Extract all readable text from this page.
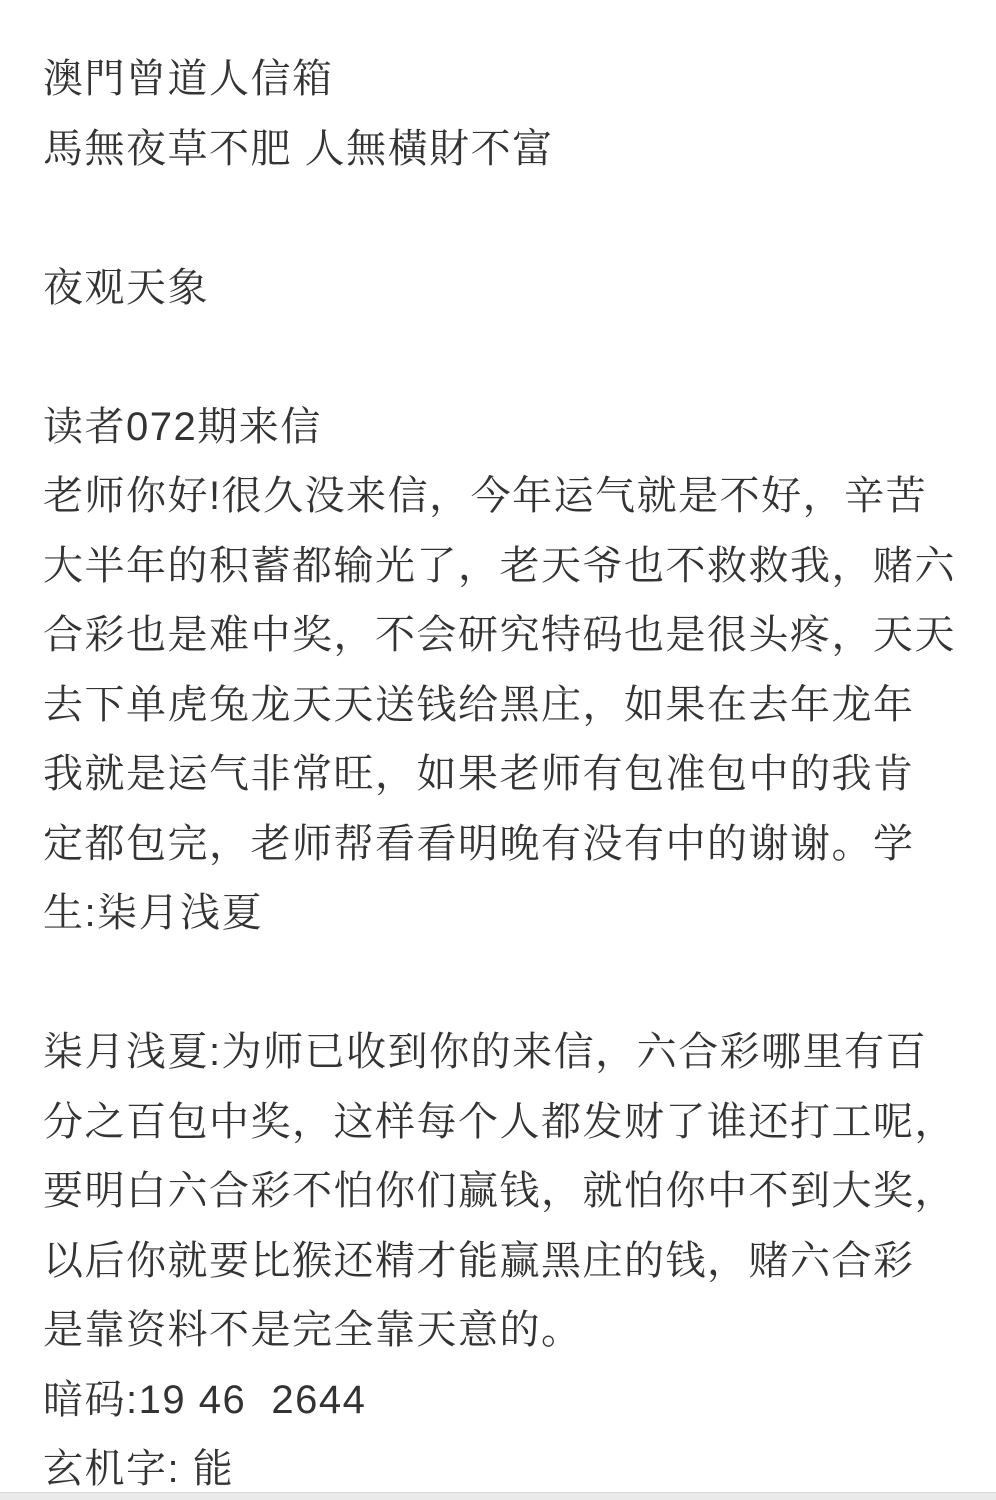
澳門曾道人信箱
馬無夜草不肥 人無橫財不富
夜观天象
读者072期来信
老师你好!很久没来信，今年运气就是不好，辛苦
大半年的积蓄都输光了，老天爷也不救救我，赌六
合彩也是难中奖，不会研究特码也是很头疼，天天
去下单虎兔龙天天送钱给黑庄，如果在去年龙年
我就是运气非常旺，如果老师有包准包中的我肯
定都包完，老师帮看看明晚有没有中的谢谢。学
生:柒月浅夏
柒月浅夏:为师已收到你的来信，六合彩哪里有百
分之百包中奖，这样每个人都发财了谁还打工呢，
要明白六合彩不怕你们赢钱，就怕你中不到大奖，
以后你就要比猴还精才能赢黑庄的钱，赌六合彩
是靠资料不是完全靠天意的。
暗码:19 46  2644
玄机字: 能
